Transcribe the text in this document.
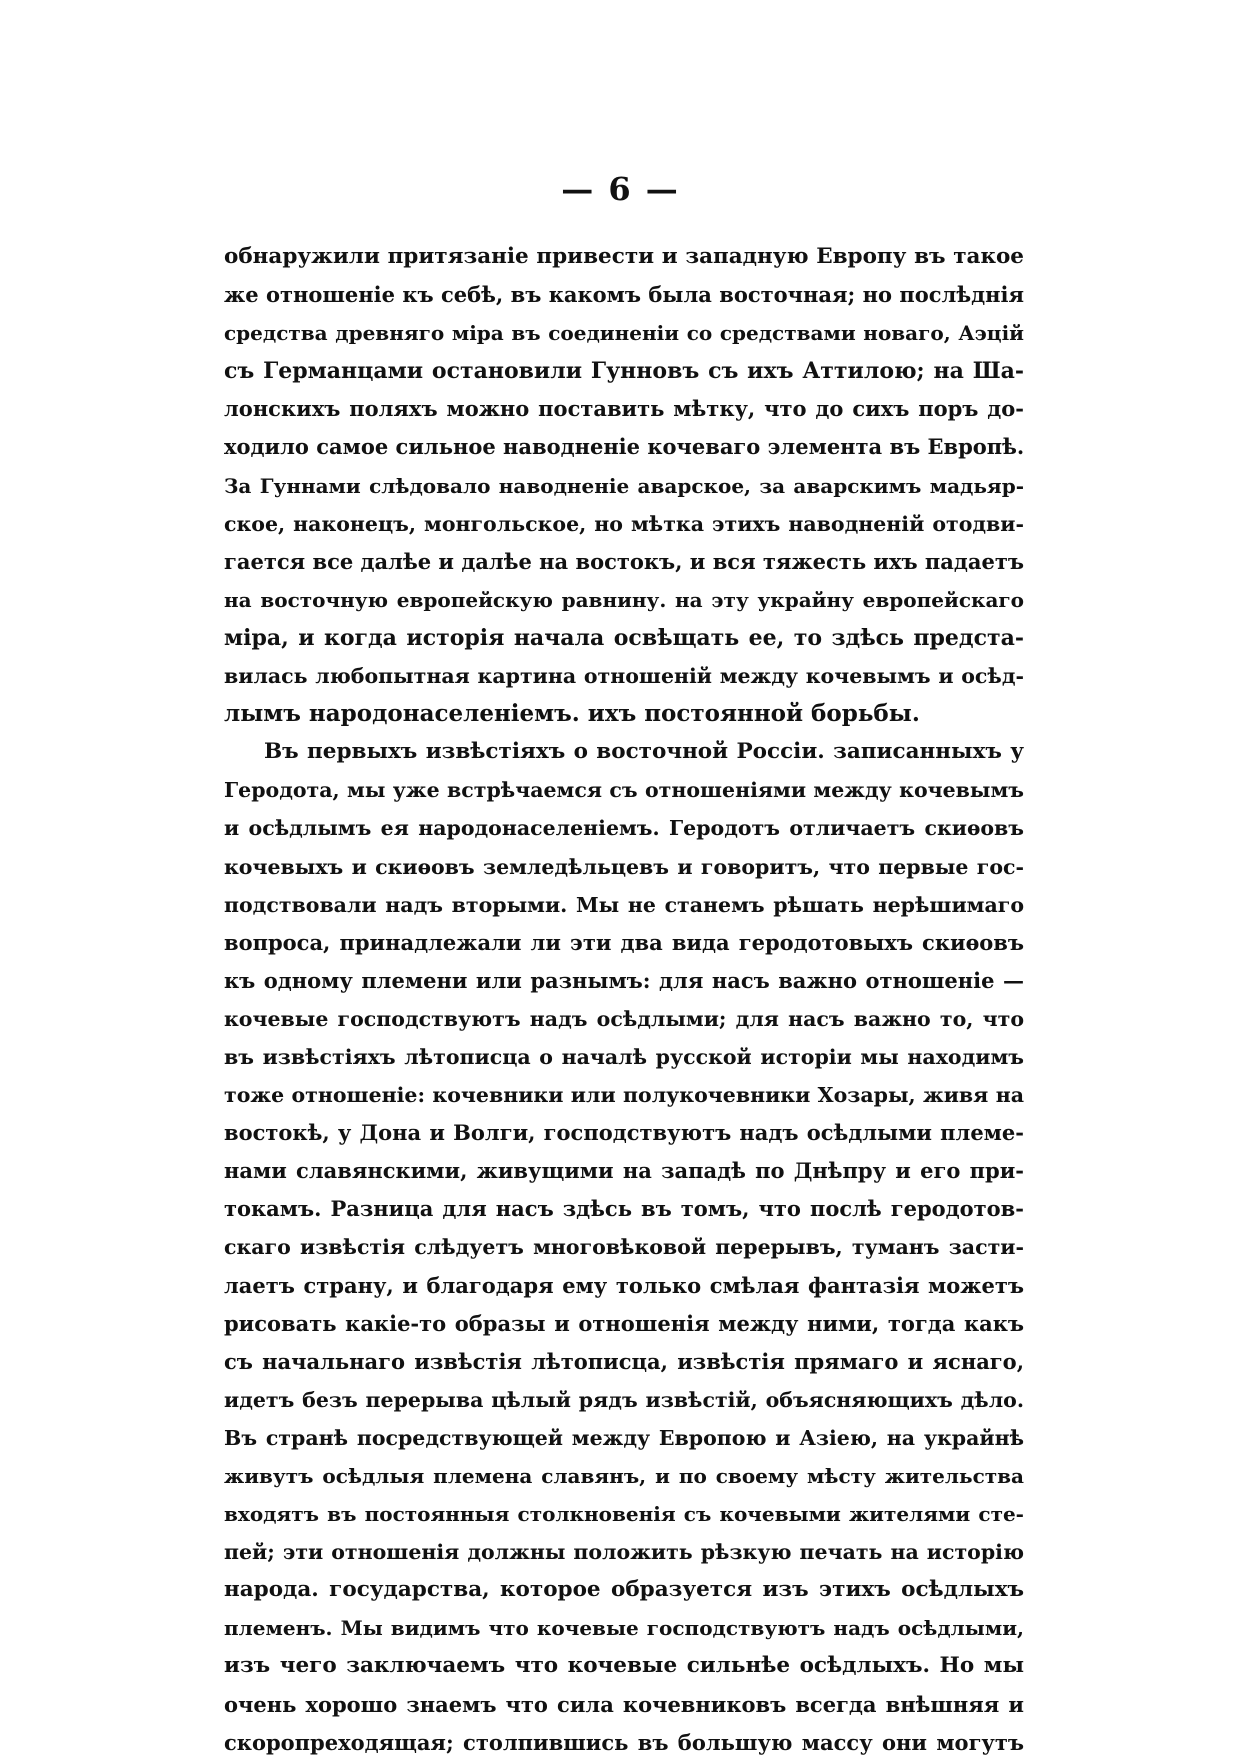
— 6 —
обнаружили притязаніе привести и западную Европу въ такое
же отношеніе къ себѣ, въ какомъ была восточная; но послѣднія
средства древняго міра въ соединеніи со средствами новаго, Аэцій
съ Германцами остановили Гунновъ съ ихъ Аттилою; на Ша-
лонскихъ поляхъ можно поставить мѣтку, что до сихъ поръ до-
ходило самое сильное наводненіе кочеваго элемента въ Европѣ.
За Гуннами слѣдовало наводненіе аварское, за аварскимъ мадьяр-
ское, наконецъ, монгольское, но мѣтка этихъ наводненій отодви-
гается все далѣе и далѣе на востокъ, и вся тяжесть ихъ падаетъ
на восточную европейскую равнину. на эту украйну европейскаго
міра, и когда исторія начала освѣщать ее, то здѣсь предста-
вилась любопытная картина отношеній между кочевымъ и осѣд-
лымъ народонаселеніемъ. ихъ постоянной борьбы.
Въ первыхъ извѣстіяхъ о восточной Россіи. записанныхъ у
Геродота, мы уже встрѣчаемся съ отношеніями между кочевымъ
и осѣдлымъ ея народонаселеніемъ. Геродотъ отличаетъ скиѳовъ
кочевыхъ и скиѳовъ земледѣльцевъ и говоритъ, что первые гос-
подствовали надъ вторыми. Мы не станемъ рѣшать нерѣшимаго
вопроса, принадлежали ли эти два вида геродотовыхъ скиѳовъ
къ одному племени или разнымъ: для насъ важно отношеніе —
кочевые господствуютъ надъ осѣдлыми; для насъ важно то, что
въ извѣстіяхъ лѣтописца о началѣ русской исторіи мы находимъ
тоже отношеніе: кочевники или полукочевники Хозары, живя на
востокѣ, у Дона и Волги, господствуютъ надъ осѣдлыми племе-
нами славянскими, живущими на западѣ по Днѣпру и его при-
токамъ. Разница для насъ здѣсь въ томъ, что послѣ геродотов-
скаго извѣстія слѣдуетъ многовѣковой перерывъ, туманъ засти-
лаетъ страну, и благодаря ему только смѣлая фантазія можетъ
рисовать какіе-то образы и отношенія между ними, тогда какъ
съ начальнаго извѣстія лѣтописца, извѣстія прямаго и яснаго,
идетъ безъ перерыва цѣлый рядъ извѣстій, объясняющихъ дѣло.
Въ странѣ посредствующей между Европою и Азіею, на украйнѣ
живутъ осѣдлыя племена славянъ, и по своему мѣсту жительства
входятъ въ постоянныя столкновенія съ кочевыми жителями сте-
пей; эти отношенія должны положить рѣзкую печать на исторію
народа. государства, которое образуется изъ этихъ осѣдлыхъ
племенъ. Мы видимъ что кочевые господствуютъ надъ осѣдлыми,
изъ чего заключаемъ что кочевые сильнѣе осѣдлыхъ. Но мы
очень хорошо знаемъ что сила кочевниковъ всегда внѣшняя и
скоропреходящая; столпившись въ большую массу они могутъ
